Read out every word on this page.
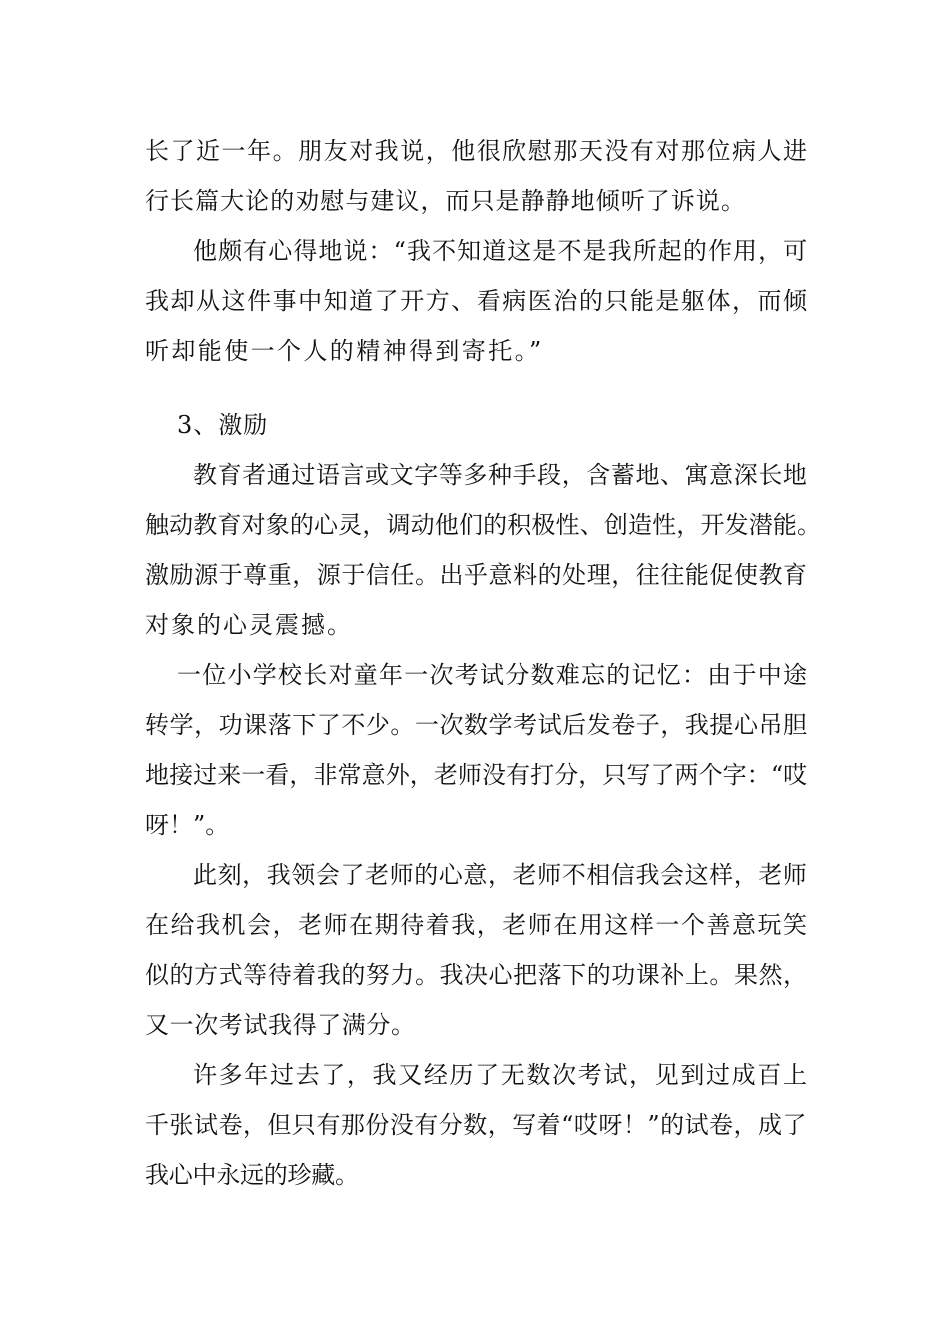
长了近一年。朋友对我说，他很欣慰那天没有对那位病人进
行长篇大论的劝慰与建议，而只是静静地倾听了诉说。
他颇有心得地说：“我不知道这是不是我所起的作用，可
我却从这件事中知道了开方、看病医治的只能是躯体，而倾
听却能使一个人的精神得到寄托。”
3、激励
教育者通过语言或文字等多种手段，含蓄地、寓意深长地
触动教育对象的心灵，调动他们的积极性、创造性，开发潜能。
激励源于尊重，源于信任。出乎意料的处理，往往能促使教育
对象的心灵震撼。
一位小学校长对童年一次考试分数难忘的记忆：由于中途
转学，功课落下了不少。一次数学考试后发卷子，我提心吊胆
地接过来一看，非常意外，老师没有打分，只写了两个字：“哎
呀！”。
此刻，我领会了老师的心意，老师不相信我会这样，老师
在给我机会，老师在期待着我，老师在用这样一个善意玩笑
似的方式等待着我的努力。我决心把落下的功课补上。果然，
又一次考试我得了满分。
许多年过去了，我又经历了无数次考试，见到过成百上
千张试卷，但只有那份没有分数，写着“哎呀！”的试卷，成了
我心中永远的珍藏。
